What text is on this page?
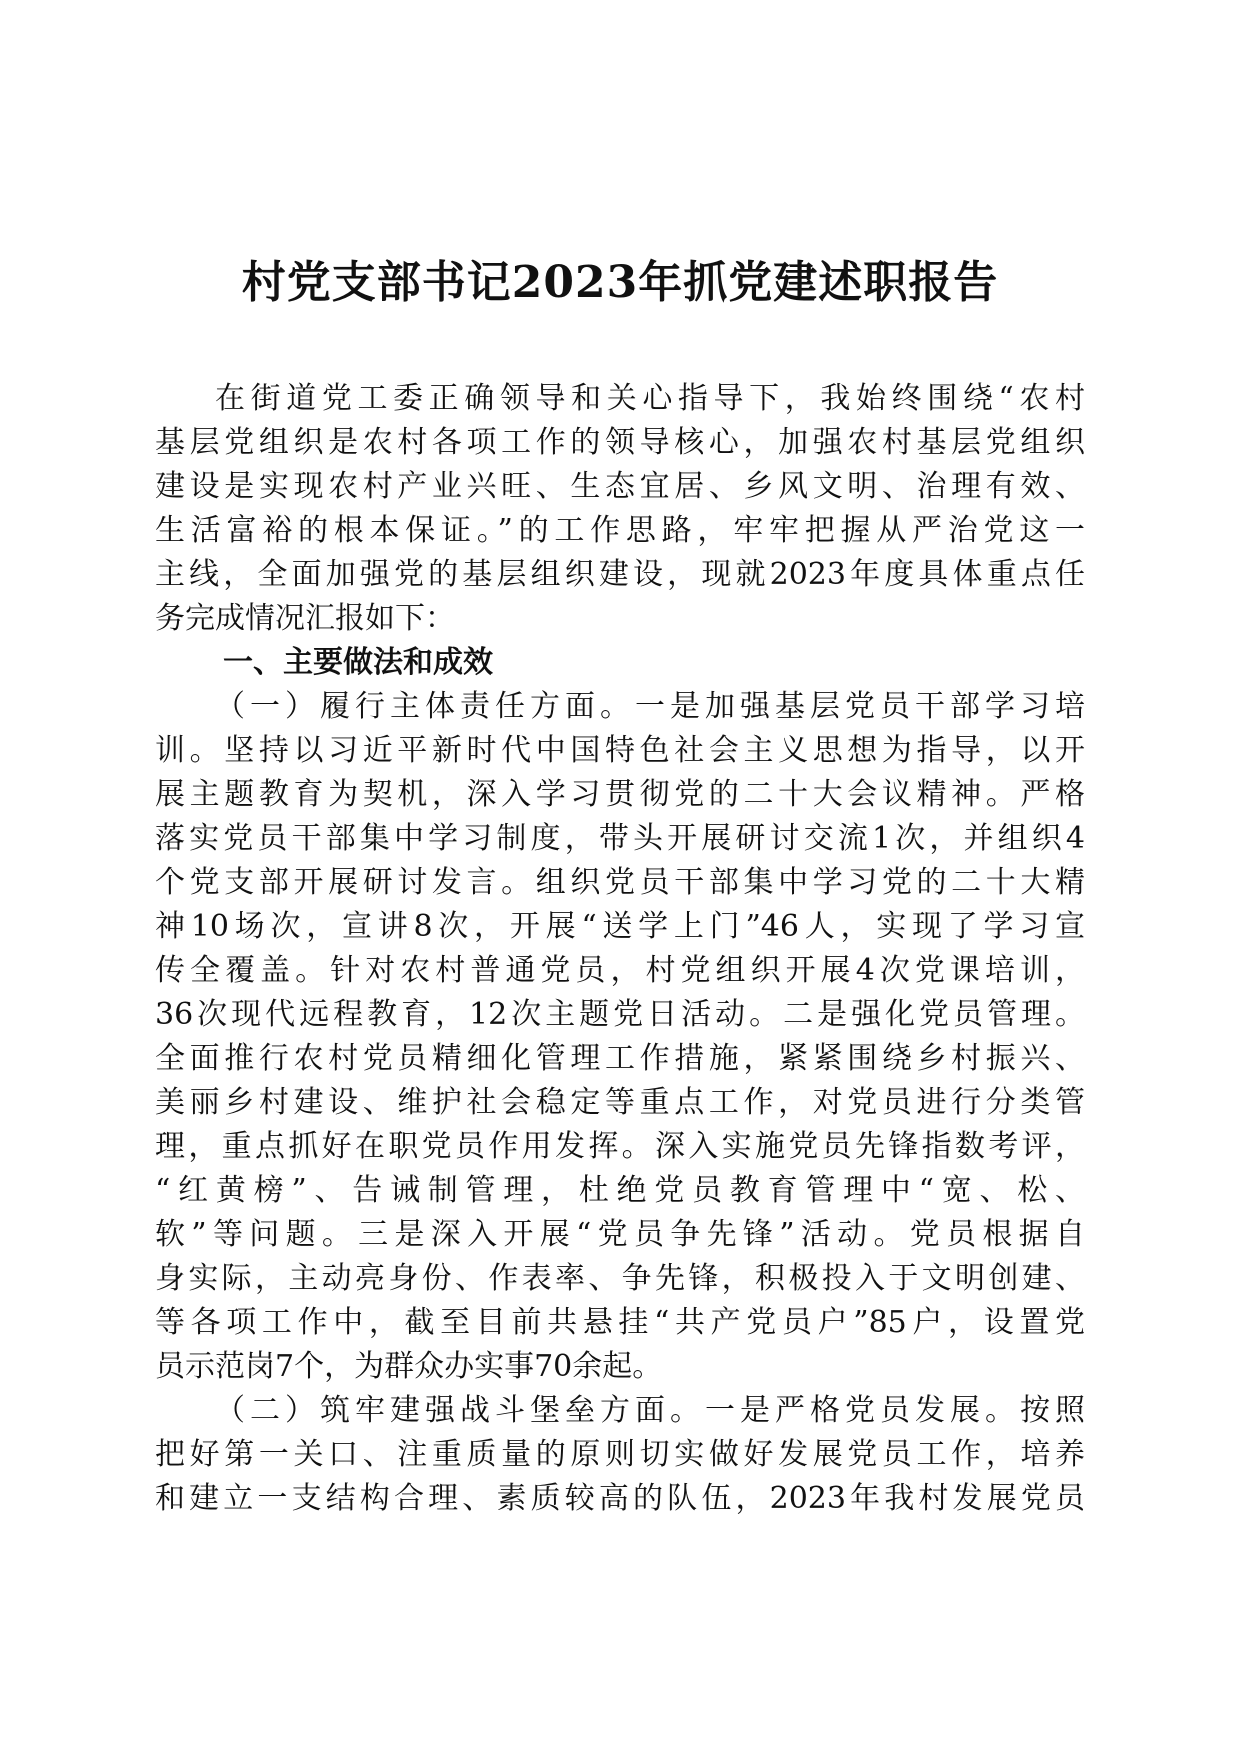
村党支部书记2023年抓党建述职报告
在街道党工委正确领导和关心指导下，我始终围绕“农村
基层党组织是农村各项工作的领导核心，加强农村基层党组织
建设是实现农村产业兴旺、生态宜居、乡风文明、治理有效、
生活富裕的根本保证。”的工作思路，牢牢把握从严治党这一
主线，全面加强党的基层组织建设，现就2023年度具体重点任
务完成情况汇报如下：
一、主要做法和成效
（一）履行主体责任方面。一是加强基层党员干部学习培
训。坚持以习近平新时代中国特色社会主义思想为指导，以开
展主题教育为契机，深入学习贯彻党的二十大会议精神。严格
落实党员干部集中学习制度，带头开展研讨交流1次，并组织4
个党支部开展研讨发言。组织党员干部集中学习党的二十大精
神10场次，宣讲8次，开展“送学上门”46人，实现了学习宣
传全覆盖。针对农村普通党员，村党组织开展4次党课培训，
36次现代远程教育，12次主题党日活动。二是强化党员管理。
全面推行农村党员精细化管理工作措施，紧紧围绕乡村振兴、
美丽乡村建设、维护社会稳定等重点工作，对党员进行分类管
理，重点抓好在职党员作用发挥。深入实施党员先锋指数考评，
“红黄榜”、告诫制管理，杜绝党员教育管理中“宽、松、
软”等问题。三是深入开展“党员争先锋”活动。党员根据自
身实际，主动亮身份、作表率、争先锋，积极投入于文明创建、
等各项工作中，截至目前共悬挂“共产党员户”85户，设置党
员示范岗7个，为群众办实事70余起。
（二）筑牢建强战斗堡垒方面。一是严格党员发展。按照
把好第一关口、注重质量的原则切实做好发展党员工作，培养
和建立一支结构合理、素质较高的队伍，2023年我村发展党员
